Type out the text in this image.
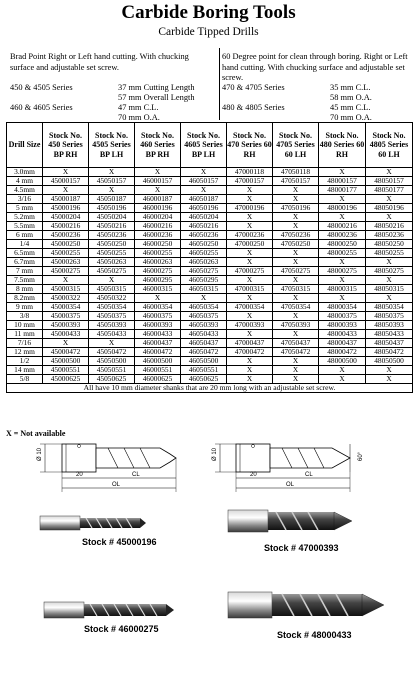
Carbide Boring Tools
Carbide Tipped Drills
Brad Point Right or Left hand cutting. With chucking surface and adjustable set screw.
60 Degree point for clean through boring. Right or Left hand cutting. With chucking surface and adjustable set screw.
450 & 4505 Series	37 mm Cutting Length
57 mm Overall Length
460 & 4605 Series	47 mm C.L.
70 mm O.A.
470 & 4705 Series	35 mm C.L.
58 mm O.A.
480 & 4805 Series	45 mm C.L.
70 mm O.A.
Drill Size	Stock No. 450 Series BP RH	Stock No. 4505 Series BP LH	Stock No. 460 Series BP RH	Stock No. 4605 Series BP LH	Stock No. 470 Series 60 RH	Stock No. 4705 Series 60 LH	Stock No. 480 Series 60 RH	Stock No. 4805 Series 60 LH
3.0mm	X	X	X	X	47000118	47050118	X	X
4 mm	45000157	45050157	46000157	46050157	47000157	47050157	48000157	48050157
4.5mm	X	X	X	X	X	X	48000177	48050177
3/16	45000187	45050187	46000187	46050187	X	X	X	X
5 mm	45000196	45050196	46000196	46050196	47000196	47050196	48000196	48050196
5.2mm	45000204	45050204	46000204	46050204	X	X	X	X
5.5mm	45000216	45050216	46000216	46050216	X	X	48000216	48050216
6 mm	45000236	45050236	46000236	46050236	47000236	47050236	48000236	48050236
1/4	45000250	45050250	46000250	46050250	47000250	47050250	48000250	48050250
6.5mm	45000255	45050255	46000255	46050255	X	X	48000255	48050255
6.7mm	45000263	45050263	46000263	46050263	X	X	X	X
7 mm	45000275	45050275	46000275	46050275	47000275	47050275	48000275	48050275
7.5mm	X	X	46000295	46050295	X	X	X	X
8 mm	45000315	45050315	46000315	46050315	47000315	47050315	48000315	48050315
8.2mm	45000322	45050322	X	X	X	X	X	X
9 mm	45000354	45050354	46000354	46050354	47000354	47050354	48000354	48050354
3/8	45000375	45050375	46000375	46050375	X	X	48000375	48050375
10 mm	45000393	45050393	46000393	46050393	47000393	47050393	48000393	48050393
11 mm	45000433	45050433	46000433	46050433	X	X	48000433	48050433
7/16	X	X	46000437	46050437	47000437	47050437	48000437	48050437
12 mm	45000472	45050472	46000472	46050472	47000472	47050472	48000472	48050472
1/2	45000500	45050500	46000500	46050500	X	X	48000500	48050500
14 mm	45000551	45050551	46000551	46050551	X	X	X	X
5/8	45000625	45050625	46000625	46050625	X	X	X	X
All have 10 mm diameter shanks that are 20 mm long with an adjustable set screw.								
X = Not available
Ø 10
20	CL
OL
Ø 10	60°
20	CL
OL
Stock # 45000196
Stock # 47000393
Stock # 46000275
Stock # 48000433
